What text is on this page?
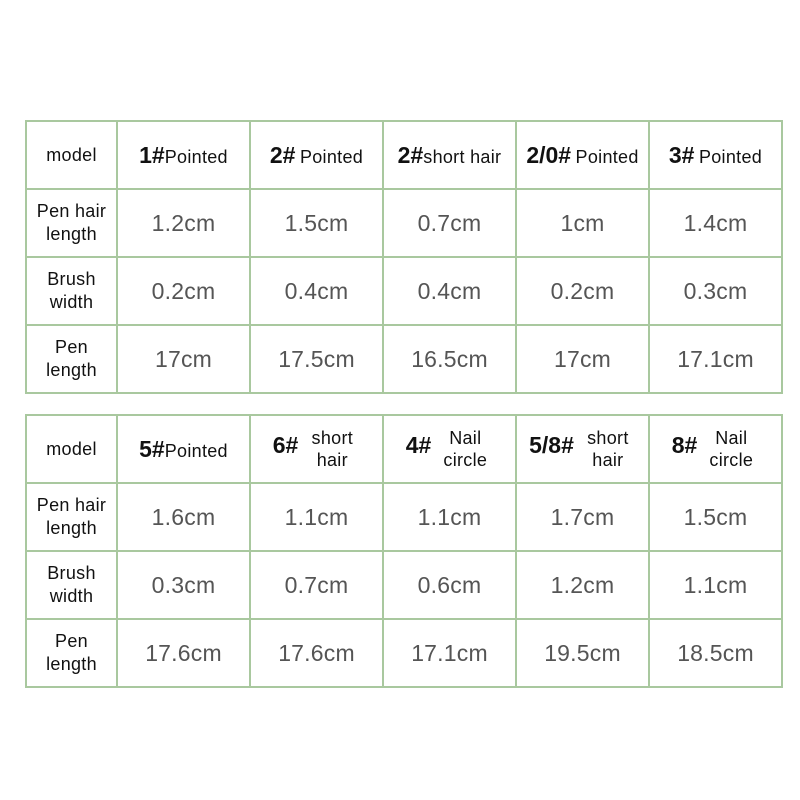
model	1#Pointed	2# Pointed	2#short hair	2/0# Pointed	3# Pointed
Pen hair length	1.2cm	1.5cm	0.7cm	1cm	1.4cm
Brush width	0.2cm	0.4cm	0.4cm	0.2cm	0.3cm
Pen length	17cm	17.5cm	16.5cm	17cm	17.1cm
model	5#Pointed	6# short hair	4# Nail circle	5/8# short hair	8# Nail circle
Pen hair length	1.6cm	1.1cm	1.1cm	1.7cm	1.5cm
Brush width	0.3cm	0.7cm	0.6cm	1.2cm	1.1cm
Pen length	17.6cm	17.6cm	17.1cm	19.5cm	18.5cm
